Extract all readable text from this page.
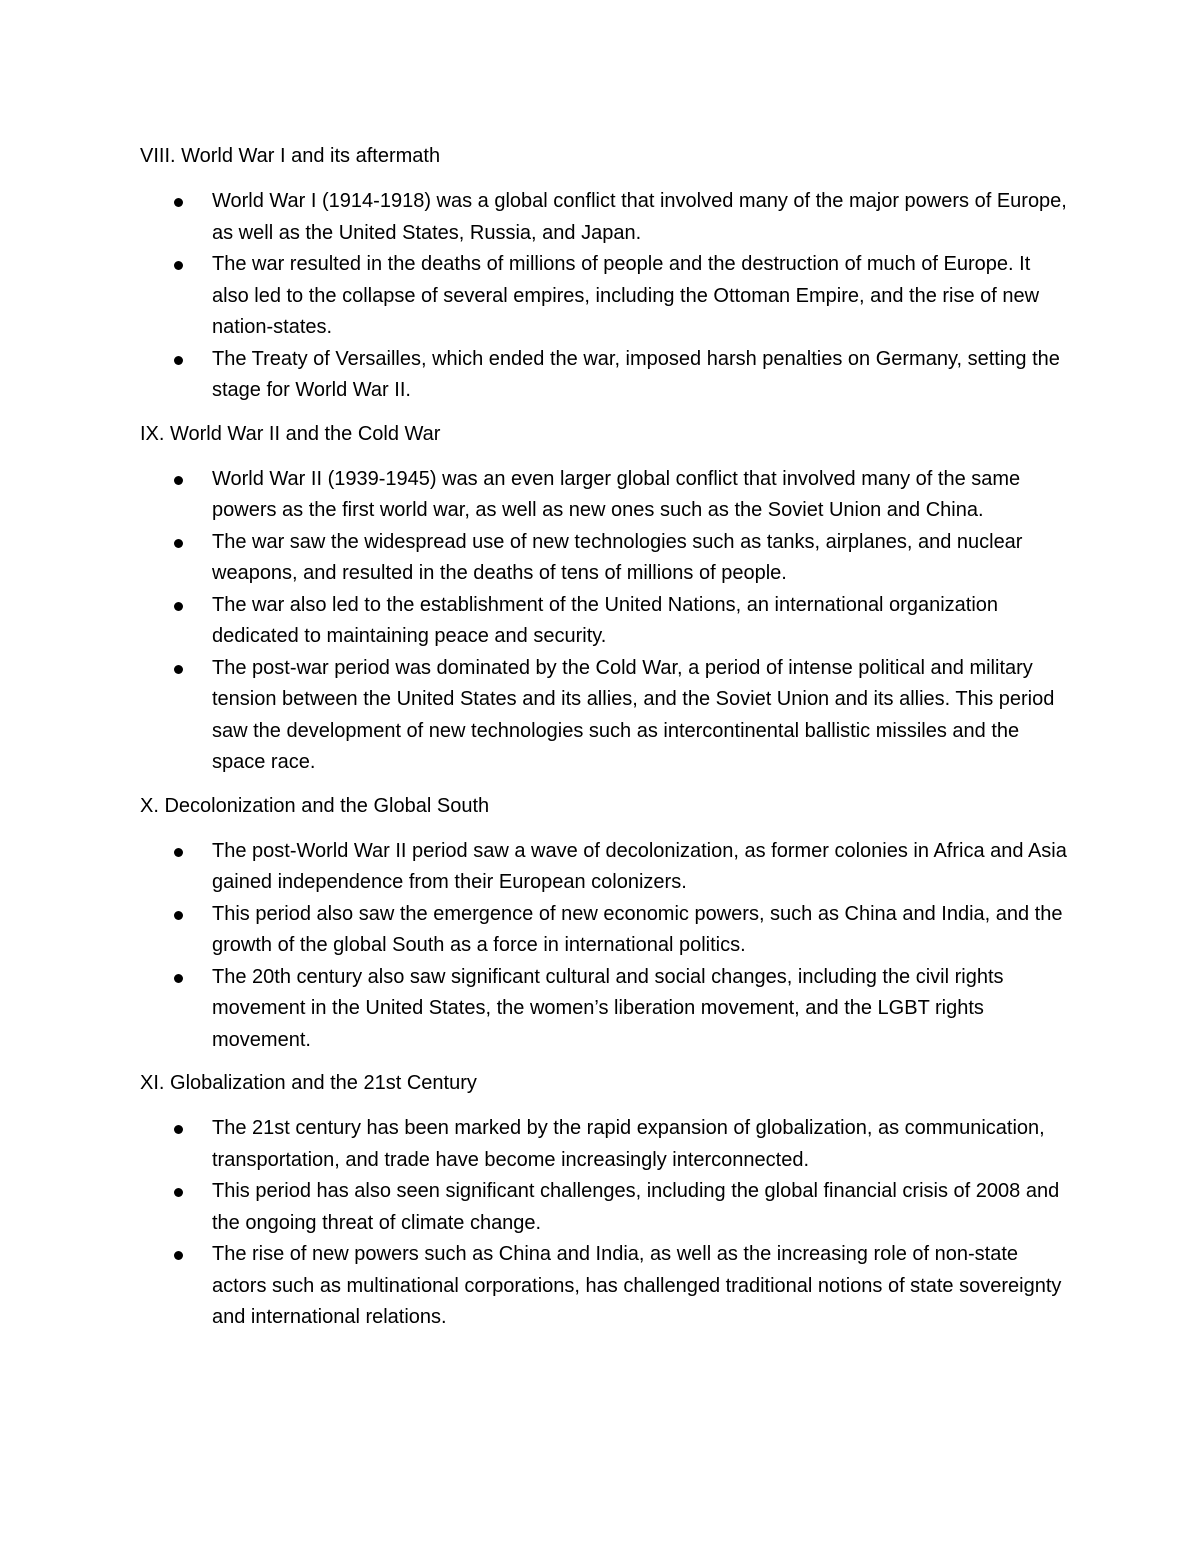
VIII. World War I and its aftermath
World War I (1914-1918) was a global conflict that involved many of the major powers of Europe, as well as the United States, Russia, and Japan.
The war resulted in the deaths of millions of people and the destruction of much of Europe. It also led to the collapse of several empires, including the Ottoman Empire, and the rise of new nation-states.
The Treaty of Versailles, which ended the war, imposed harsh penalties on Germany, setting the stage for World War II.
IX. World War II and the Cold War
World War II (1939-1945) was an even larger global conflict that involved many of the same powers as the first world war, as well as new ones such as the Soviet Union and China.
The war saw the widespread use of new technologies such as tanks, airplanes, and nuclear weapons, and resulted in the deaths of tens of millions of people.
The war also led to the establishment of the United Nations, an international organization dedicated to maintaining peace and security.
The post-war period was dominated by the Cold War, a period of intense political and military tension between the United States and its allies, and the Soviet Union and its allies. This period saw the development of new technologies such as intercontinental ballistic missiles and the space race.
X. Decolonization and the Global South
The post-World War II period saw a wave of decolonization, as former colonies in Africa and Asia gained independence from their European colonizers.
This period also saw the emergence of new economic powers, such as China and India, and the growth of the global South as a force in international politics.
The 20th century also saw significant cultural and social changes, including the civil rights movement in the United States, the women’s liberation movement, and the LGBT rights movement.
XI. Globalization and the 21st Century
The 21st century has been marked by the rapid expansion of globalization, as communication, transportation, and trade have become increasingly interconnected.
This period has also seen significant challenges, including the global financial crisis of 2008 and the ongoing threat of climate change.
The rise of new powers such as China and India, as well as the increasing role of non-state actors such as multinational corporations, has challenged traditional notions of state sovereignty and international relations.
